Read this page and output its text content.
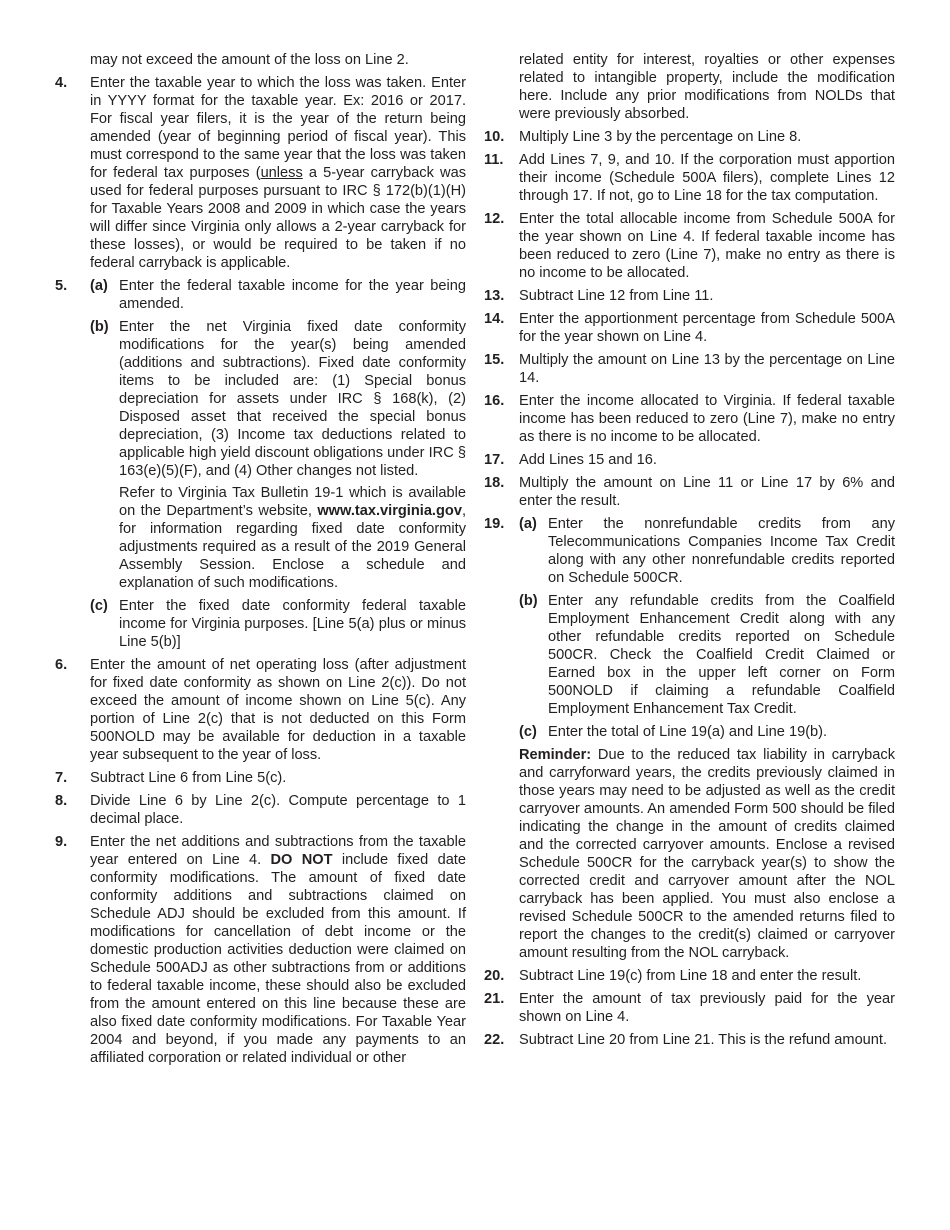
may not exceed the amount of the loss on Line 2.
4. Enter the taxable year to which the loss was taken. Enter in YYYY format for the taxable year. Ex: 2016 or 2017. For fiscal year filers, it is the year of the return being amended (year of beginning period of fiscal year). This must correspond to the same year that the loss was taken for federal tax purposes (unless a 5-year carryback was used for federal purposes pursuant to IRC § 172(b)(1)(H) for Taxable Years 2008 and 2009 in which case the years will differ since Virginia only allows a 2-year carryback for these losses), or would be required to be taken if no federal carryback is applicable.
5. (a) Enter the federal taxable income for the year being amended.
(b) Enter the net Virginia fixed date conformity modifications for the year(s) being amended (additions and subtractions). Fixed date conformity items to be included are: (1) Special bonus depreciation for assets under IRC § 168(k), (2) Disposed asset that received the special bonus depreciation, (3) Income tax deductions related to applicable high yield discount obligations under IRC § 163(e)(5)(F), and (4) Other changes not listed.
Refer to Virginia Tax Bulletin 19-1 which is available on the Department’s website, www.tax.virginia.gov, for information regarding fixed date conformity adjustments required as a result of the 2019 General Assembly Session. Enclose a schedule and explanation of such modifications.
(c) Enter the fixed date conformity federal taxable income for Virginia purposes. [Line 5(a) plus or minus Line 5(b)]
6. Enter the amount of net operating loss (after adjustment for fixed date conformity as shown on Line 2(c)). Do not exceed the amount of income shown on Line 5(c). Any portion of Line 2(c) that is not deducted on this Form 500NOLD may be available for deduction in a taxable year subsequent to the year of loss.
7. Subtract Line 6 from Line 5(c).
8. Divide Line 6 by Line 2(c). Compute percentage to 1 decimal place.
9. Enter the net additions and subtractions from the taxable year entered on Line 4. DO NOT include fixed date conformity modifications. The amount of fixed date conformity additions and subtractions claimed on Schedule ADJ should be excluded from this amount. If modifications for cancellation of debt income or the domestic production activities deduction were claimed on Schedule 500ADJ as other subtractions from or additions to federal taxable income, these should also be excluded from the amount entered on this line because these are also fixed date conformity modifications. For Taxable Year 2004 and beyond, if you made any payments to an affiliated corporation or related individual or other
related entity for interest, royalties or other expenses related to intangible property, include the modification here. Include any prior modifications from NOLDs that were previously absorbed.
10. Multiply Line 3 by the percentage on Line 8.
11. Add Lines 7, 9, and 10. If the corporation must apportion their income (Schedule 500A filers), complete Lines 12 through 17. If not, go to Line 18 for the tax computation.
12. Enter the total allocable income from Schedule 500A for the year shown on Line 4. If federal taxable income has been reduced to zero (Line 7), make no entry as there is no income to be allocated.
13. Subtract Line 12 from Line 11.
14. Enter the apportionment percentage from Schedule 500A for the year shown on Line 4.
15. Multiply the amount on Line 13 by the percentage on Line 14.
16. Enter the income allocated to Virginia. If federal taxable income has been reduced to zero (Line 7), make no entry as there is no income to be allocated.
17. Add Lines 15 and 16.
18. Multiply the amount on Line 11 or Line 17 by 6% and enter the result.
19. (a) Enter the nonrefundable credits from any Telecommunications Companies Income Tax Credit along with any other nonrefundable credits reported on Schedule 500CR.
(b) Enter any refundable credits from the Coalfield Employment Enhancement Credit along with any other refundable credits reported on Schedule 500CR. Check the Coalfield Credit Claimed or Earned box in the upper left corner on Form 500NOLD if claiming a refundable Coalfield Employment Enhancement Tax Credit.
(c) Enter the total of Line 19(a) and Line 19(b).
Reminder: Due to the reduced tax liability in carryback and carryforward years, the credits previously claimed in those years may need to be adjusted as well as the credit carryover amounts. An amended Form 500 should be filed indicating the change in the amount of credits claimed and the corrected carryover amounts. Enclose a revised Schedule 500CR for the carryback year(s) to show the corrected credit and carryover amount after the NOL carryback has been applied. You must also enclose a revised Schedule 500CR to the amended returns filed to report the changes to the credit(s) claimed or carryover amount resulting from the NOL carryback.
20. Subtract Line 19(c) from Line 18 and enter the result.
21. Enter the amount of tax previously paid for the year shown on Line 4.
22. Subtract Line 20 from Line 21. This is the refund amount.
